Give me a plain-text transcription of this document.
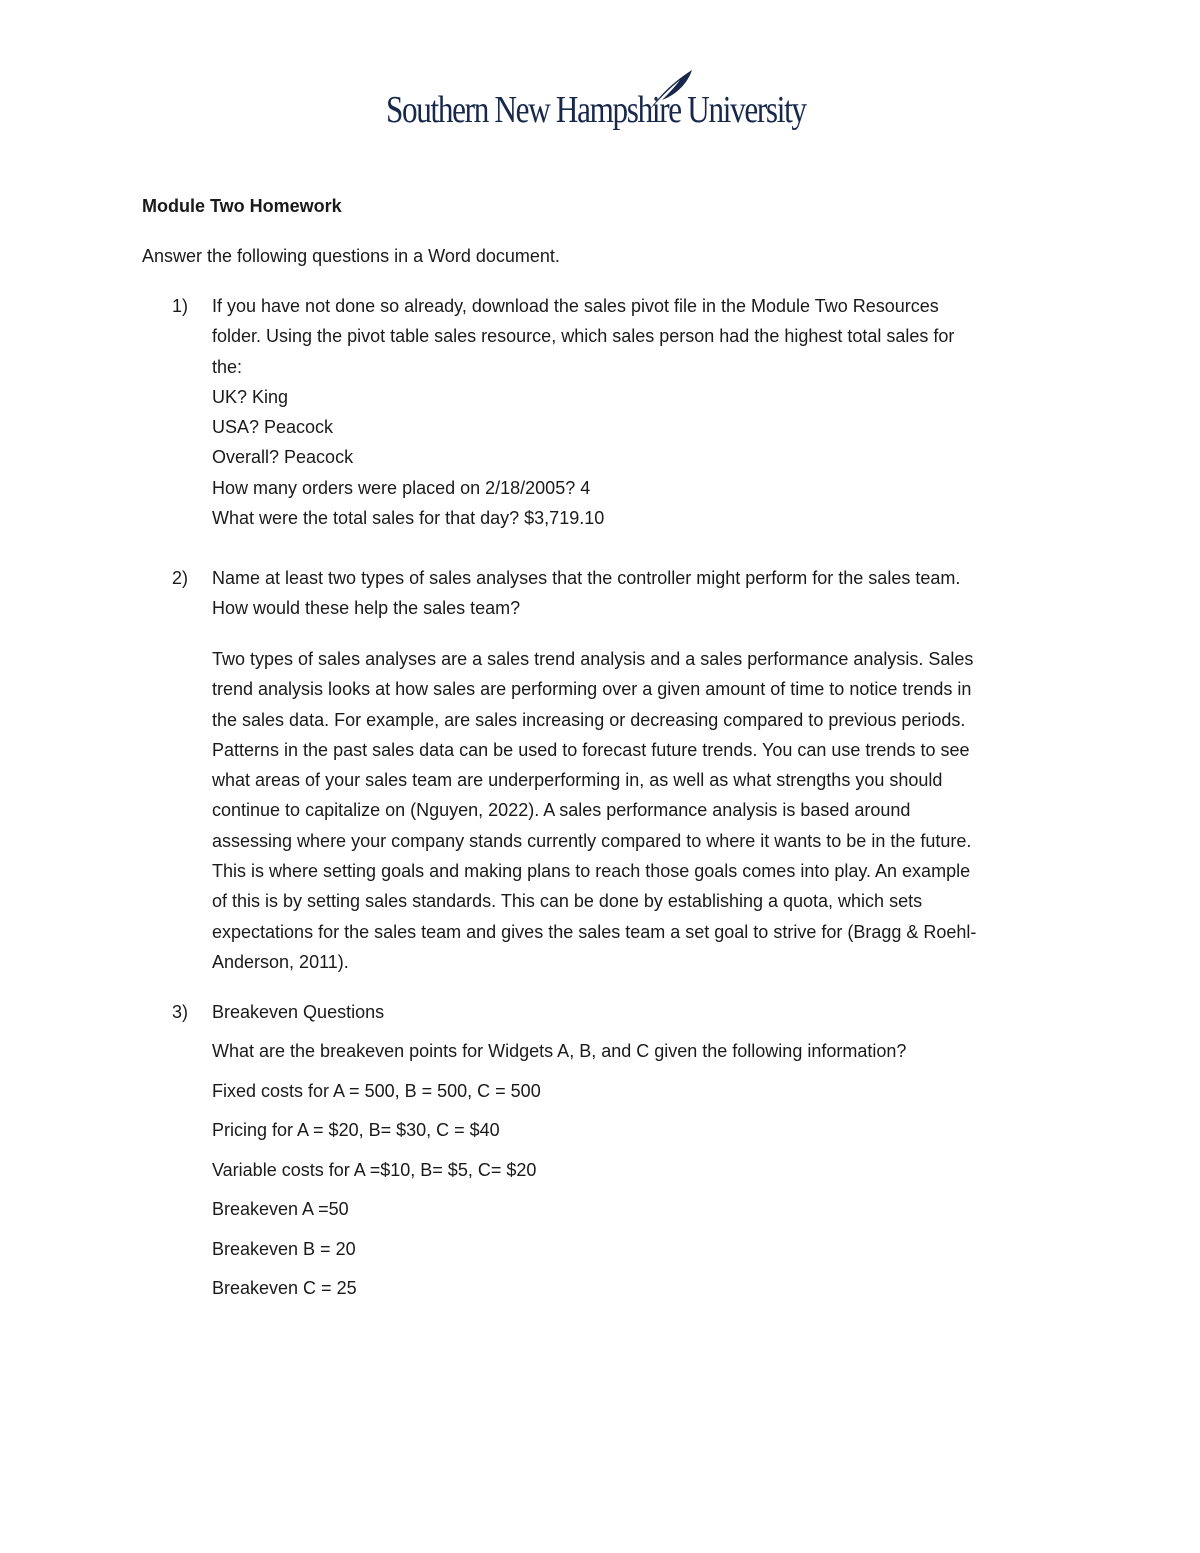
Southern New Hampshire University
Module Two Homework
Answer the following questions in a Word document.
1) If you have not done so already, download the sales pivot file in the Module Two Resources
folder. Using the pivot table sales resource, which sales person had the highest total sales for
the:
UK? King
USA? Peacock
Overall? Peacock
How many orders were placed on 2/18/2005? 4
What were the total sales for that day? $3,719.10
2) Name at least two types of sales analyses that the controller might perform for the sales team.
How would these help the sales team?
Two types of sales analyses are a sales trend analysis and a sales performance analysis. Sales
trend analysis looks at how sales are performing over a given amount of time to notice trends in
the sales data. For example, are sales increasing or decreasing compared to previous periods.
Patterns in the past sales data can be used to forecast future trends. You can use trends to see
what areas of your sales team are underperforming in, as well as what strengths you should
continue to capitalize on (Nguyen, 2022). A sales performance analysis is based around
assessing where your company stands currently compared to where it wants to be in the future.
This is where setting goals and making plans to reach those goals comes into play. An example
of this is by setting sales standards. This can be done by establishing a quota, which sets
expectations for the sales team and gives the sales team a set goal to strive for (Bragg & Roehl-
Anderson, 2011).
3) Breakeven Questions
What are the breakeven points for Widgets A, B, and C given the following information?
Fixed costs for A = 500, B = 500, C = 500
Pricing for A = $20, B= $30, C = $40
Variable costs for A =$10, B= $5, C= $20
Breakeven A =50
Breakeven B = 20
Breakeven C = 25
